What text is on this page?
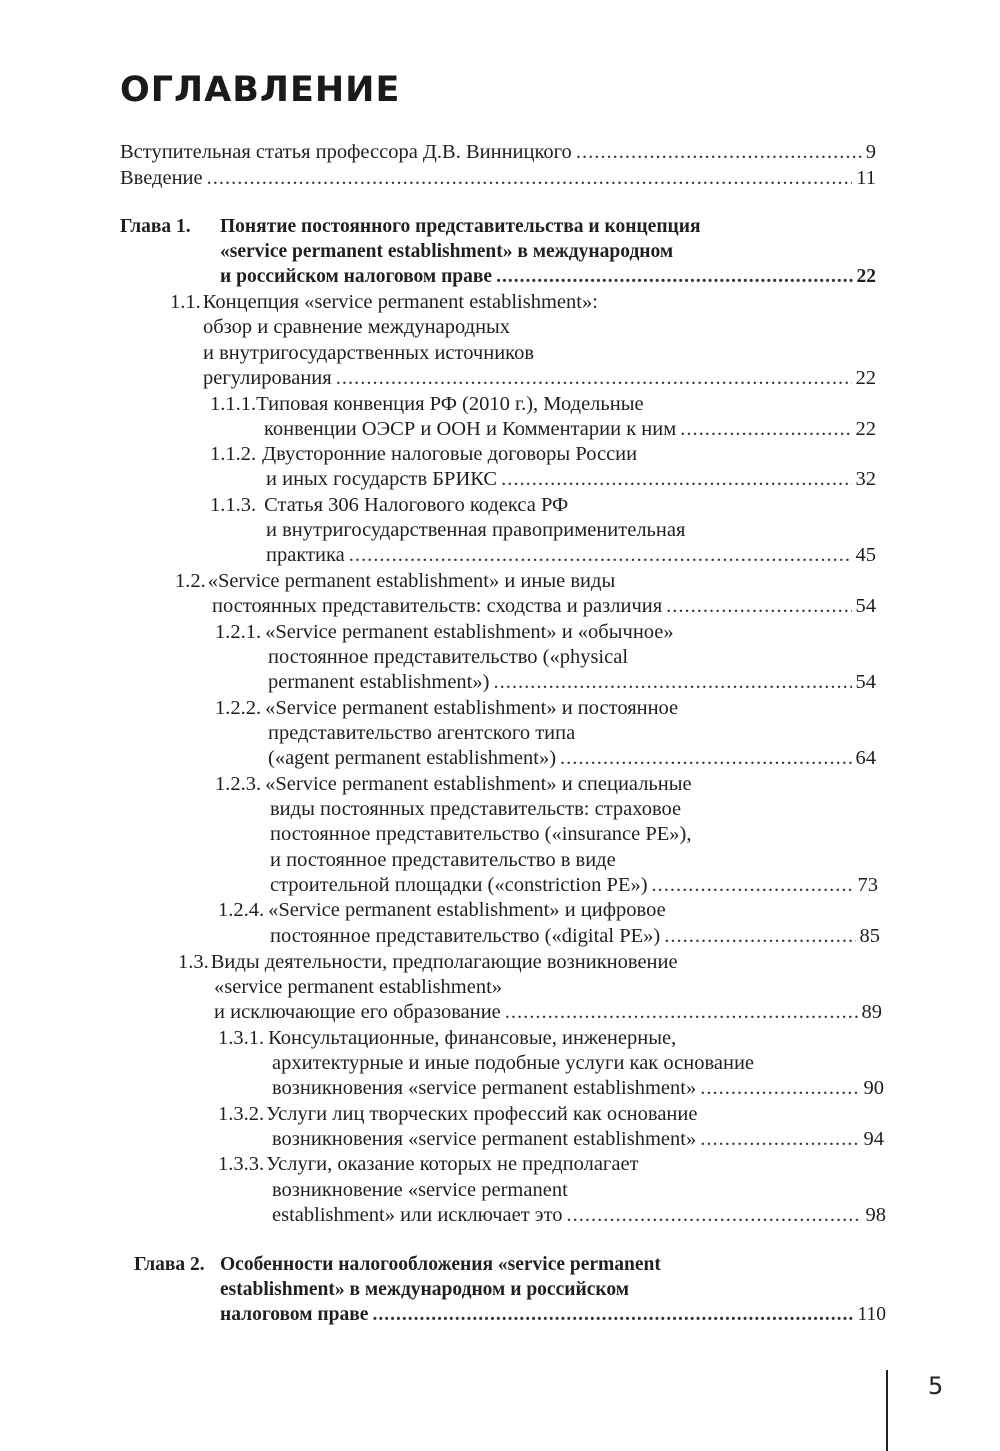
ОГЛАВЛЕНИЕ
Вступительная статья профессора Д.В. Винницкого .....	9
Введение .....	11
Глава 1. Понятие постоянного представительства и концепция
«service permanent establishment» в международном
и российском налоговом праве .....	22
1.1. Концепция «service permanent establishment»:
обзор и сравнение международных
и внутригосударственных источников
регулирования .....	22
1.1.1. Типовая конвенция РФ (2010 г.), Модельные
конвенции ОЭСР и ООН и Комментарии к ним .....	22
1.1.2. Двусторонние налоговые договоры России
и иных государств БРИКС .....	32
1.1.3. Статья 306 Налогового кодекса РФ
и внутригосударственная правоприменительная
практика .....	45
1.2. «Service permanent establishment» и иные виды
постоянных представительств: сходства и различия .....	54
1.2.1. «Service permanent establishment» и «обычное»
постоянное представительство («physical
permanent establishment») .....	54
1.2.2. «Service permanent establishment» и постоянное
представительство агентского типа
(«agent permanent establishment») .....	64
1.2.3. «Service permanent establishment» и специальные
виды постоянных представительств: страховое
постоянное представительство («insurance PE»),
и постоянное представительство в виде
строительной площадки («constriction PE») .....	73
1.2.4. «Service permanent establishment» и цифровое
постоянное представительство («digital PE») .....	85
1.3. Виды деятельности, предполагающие возникновение
«service permanent establishment»
и исключающие его образование .....	89
1.3.1. Консультационные, финансовые, инженерные,
архитектурные и иные подобные услуги как основание
возникновения «service permanent establishment» .....	90
1.3.2. Услуги лиц творческих профессий как основание
возникновения «service permanent establishment» .....	94
1.3.3. Услуги, оказание которых не предполагает
возникновение «service permanent
establishment» или исключает это .....	98
Глава 2. Особенности налогообложения «service permanent
establishment» в международном и российском
налоговом праве .....	110
5
